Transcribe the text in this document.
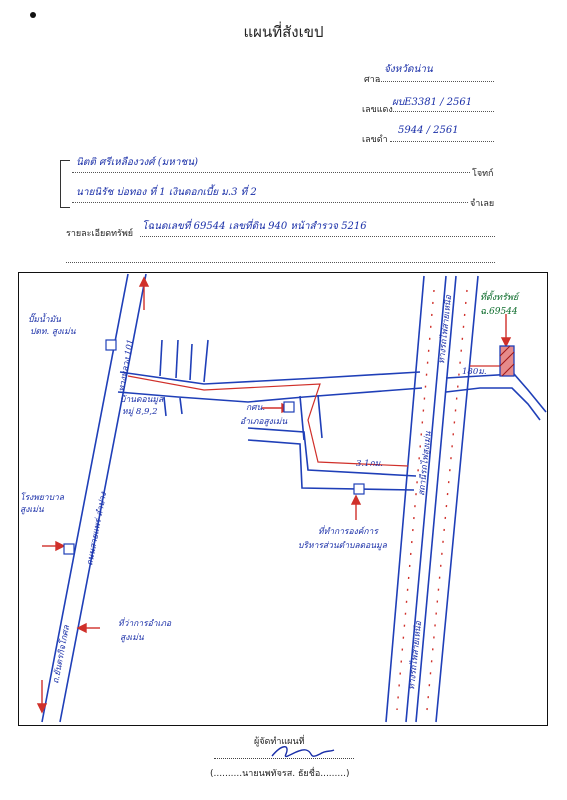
แผนที่สังเขป
ศาล
จังหวัดน่าน
เลขแดง
ผบE3381 / 2561
เลขดำ
5944 / 2561
นิตติ ศรีเหลืองวงศ์ (มหาชน)
โจทก์
นายนิรัช บ่อทอง ที่ 1 เงินดอกเบี้ย ม.3 ที่ 2
จำเลย
รายละเอียดทรัพย์
โฉนดเลขที่ 69544 เลขที่ดิน 940 หน้าสำรวจ 5216
ที่ตั้งทรัพย์
ฉ.69544
180ม.
3.1กม.
ปั๊มน้ำมัน
ปตท. สูงเม่น
บ้านดอนมูล
หมู่ 8,9,2	กศน.
อำเภอสูงเม่น
ที่ทำการองค์การ
บริหารส่วนตำบลดอนมูล
โรงพยาบาล
สูงเม่น
ที่ว่าการอำเภอ
สูงเม่น
ทางหลวง 101
ถนนสายแพร่-ลำปาง
ถ.ยันตรกิจโกศล
ทางรถไฟสายเหนือ
สถานีรถไฟสูงเม่น
ทางรถไฟสายเหนือ
ผู้จัดทำแผนที่
(..........นายนพทัจรส. ธัยชื่อ.........)
